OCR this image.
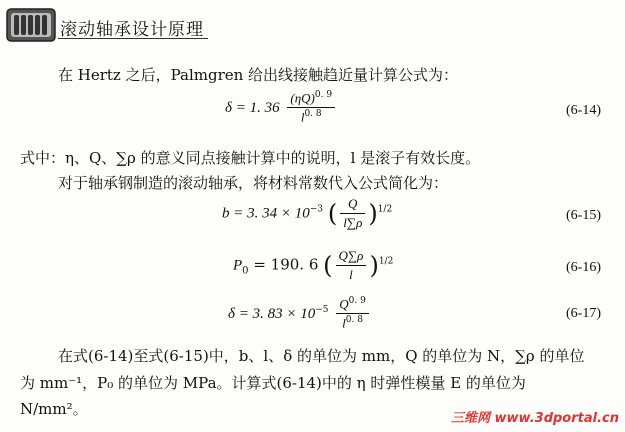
滚动轴承设计原理
在 Hertz 之后，Palmgren 给出线接触趋近量计算公式为：
δ = 1. $36 \frac{(\eta Q)^{0. 9}}{l^{0. 8}}$	(6-14)
式中：η、Q、∑ρ 的意义同点接触计算中的说明，l 是滚子有效长度。
对于轴承钢制造的滚动轴承，将材料常数代入公式简化为：
b = 3. $34 \times 10^{-3}$ ( $\frac{Q}{l\sum\rho} )^{1/2}$	(6-15)
$P_0 = 190$. 6 ( $\frac{Q\sum\rho}{l} )^{1/2}$	(6-16)
δ = 3. $83 \times 10^{-5} \frac{Q^{0. 9}}{l^{0. 8}}$	(6-17)
在式(6-14)至式(6-15)中，b、l、δ 的单位为 mm，Q 的单位为 N，∑ρ 的单位
为 mm⁻¹，P₀ 的单位为 MPa。计算式(6-14)中的 η 时弹性模量 E 的单位为
N/mm²。
三维网 www.3dportal.cn
